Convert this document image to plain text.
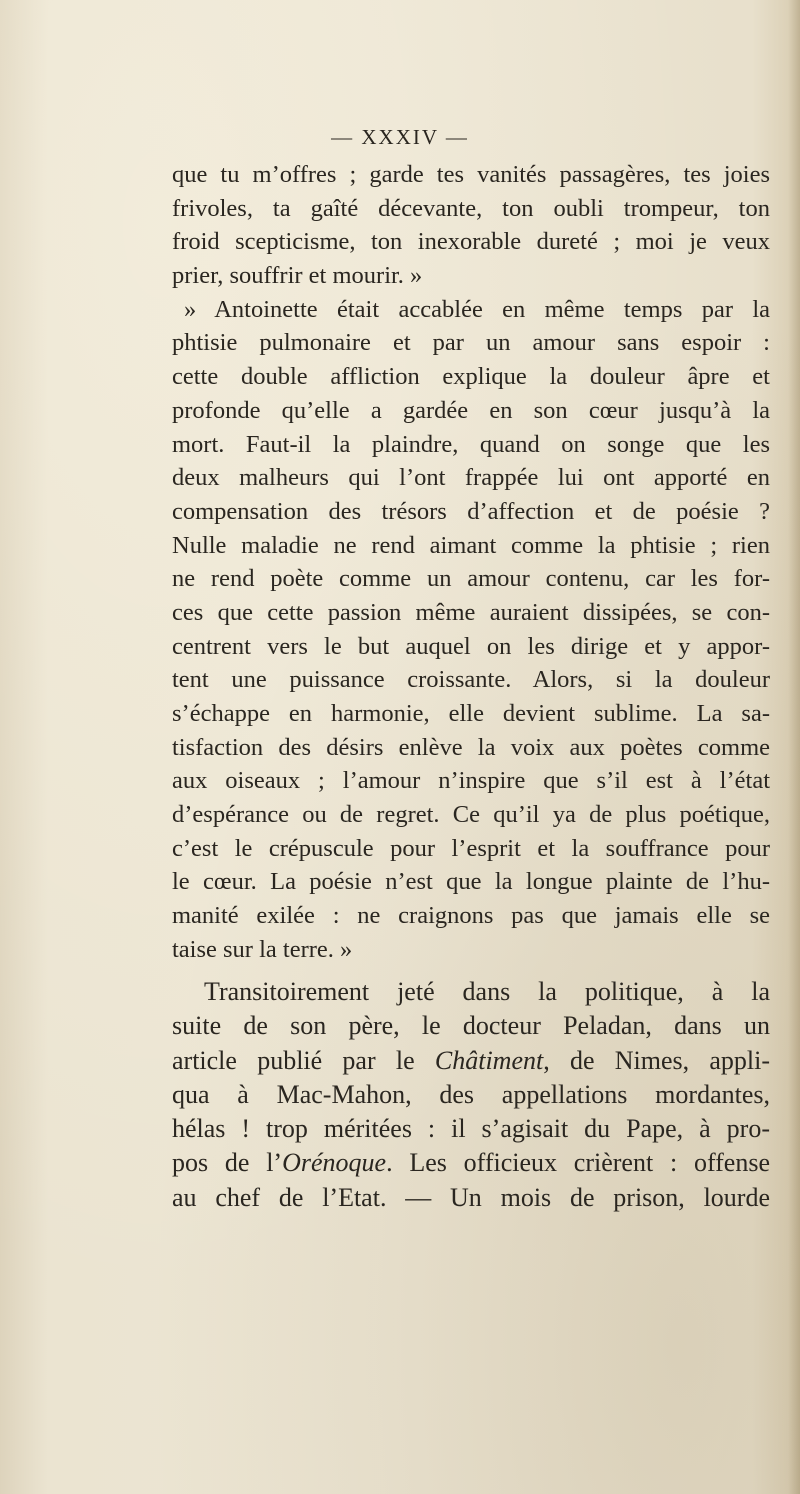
— XXXIV —
que tu m’offres ; garde tes vanités passagères, tes joies
frivoles, ta gaîté décevante, ton oubli trompeur, ton
froid scepticisme, ton inexorable dureté ; moi je veux
prier, souffrir et mourir. »
» Antoinette était accablée en même temps par la
phtisie pulmonaire et par un amour sans espoir :
cette double affliction explique la douleur âpre et
profonde qu’elle a gardée en son cœur jusqu’à la
mort. Faut-il la plaindre, quand on songe que les
deux malheurs qui l’ont frappée lui ont apporté en
compensation des trésors d’affection et de poésie ?
Nulle maladie ne rend aimant comme la phtisie ; rien
ne rend poète comme un amour contenu, car les for-
ces que cette passion même auraient dissipées, se con-
centrent vers le but auquel on les dirige et y appor-
tent une puissance croissante. Alors, si la douleur
s’échappe en harmonie, elle devient sublime. La sa-
tisfaction des désirs enlève la voix aux poètes comme
aux oiseaux ; l’amour n’inspire que s’il est à l’état
d’espérance ou de regret. Ce qu’il ya de plus poétique,
c’est le crépuscule pour l’esprit et la souffrance pour
le cœur. La poésie n’est que la longue plainte de l’hu-
manité exilée : ne craignons pas que jamais elle se
taise sur la terre. »
Transitoirement jeté dans la politique, à la
suite de son père, le docteur Peladan, dans un
article publié par le Châtiment, de Nimes, appli-
qua à Mac-Mahon, des appellations mordantes,
hélas ! trop méritées : il s’agisait du Pape, à pro-
pos de l’Orénoque. Les officieux crièrent : offense
au chef de l’Etat. — Un mois de prison, lourde
